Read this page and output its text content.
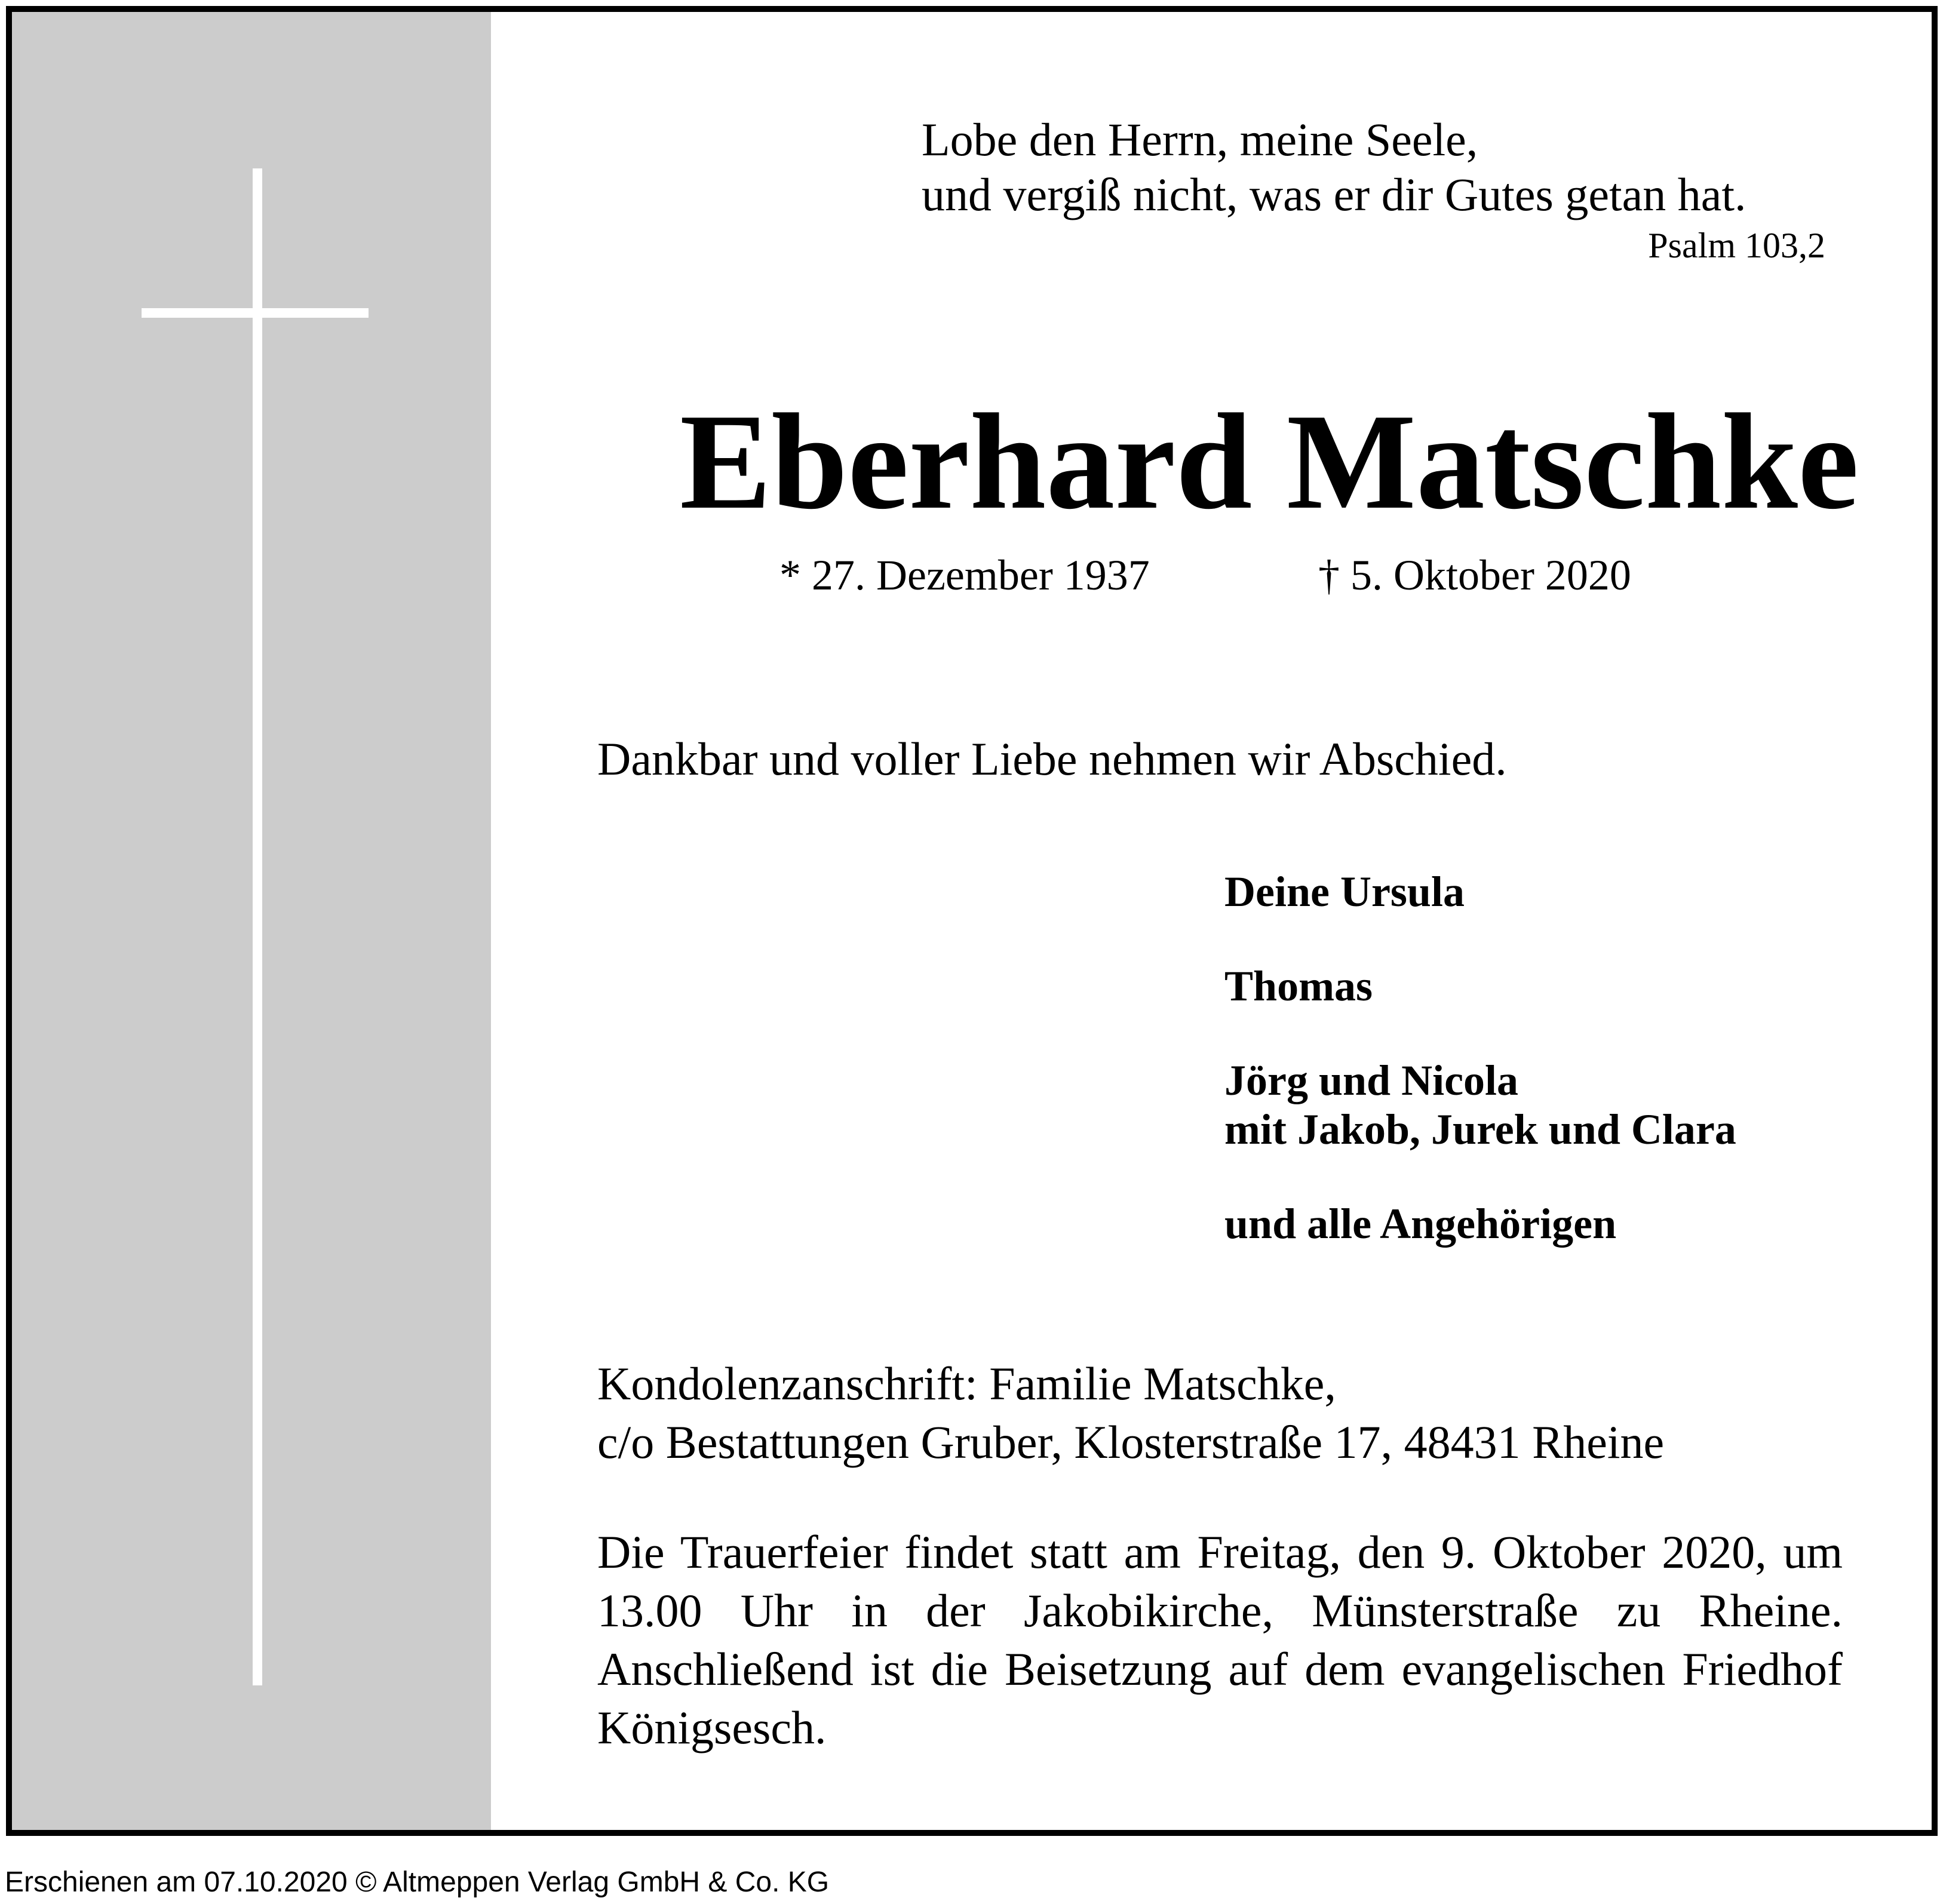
Lobe den Herrn, meine Seele,
und vergiß nicht, was er dir Gutes getan hat.
Psalm 103,2
Eberhard Matschke
* 27. Dezember 1937	† 5. Oktober 2020
Dankbar und voller Liebe nehmen wir Abschied.
Deine Ursula
Thomas
Jörg und Nicola
mit Jakob, Jurek und Clara
und alle Angehörigen
Kondolenzanschrift: Familie Matschke,
c/o Bestattungen Gruber, Klosterstraße 17, 48431 Rheine
Die Trauerfeier findet statt am Freitag, den 9. Oktober 2020, um 13.00 Uhr in der Jakobikirche, Münsterstraße zu Rheine. Anschließend ist die Beisetzung auf dem evangelischen Friedhof Königsesch.
Erschienen am 07.10.2020 © Altmeppen Verlag GmbH & Co. KG
